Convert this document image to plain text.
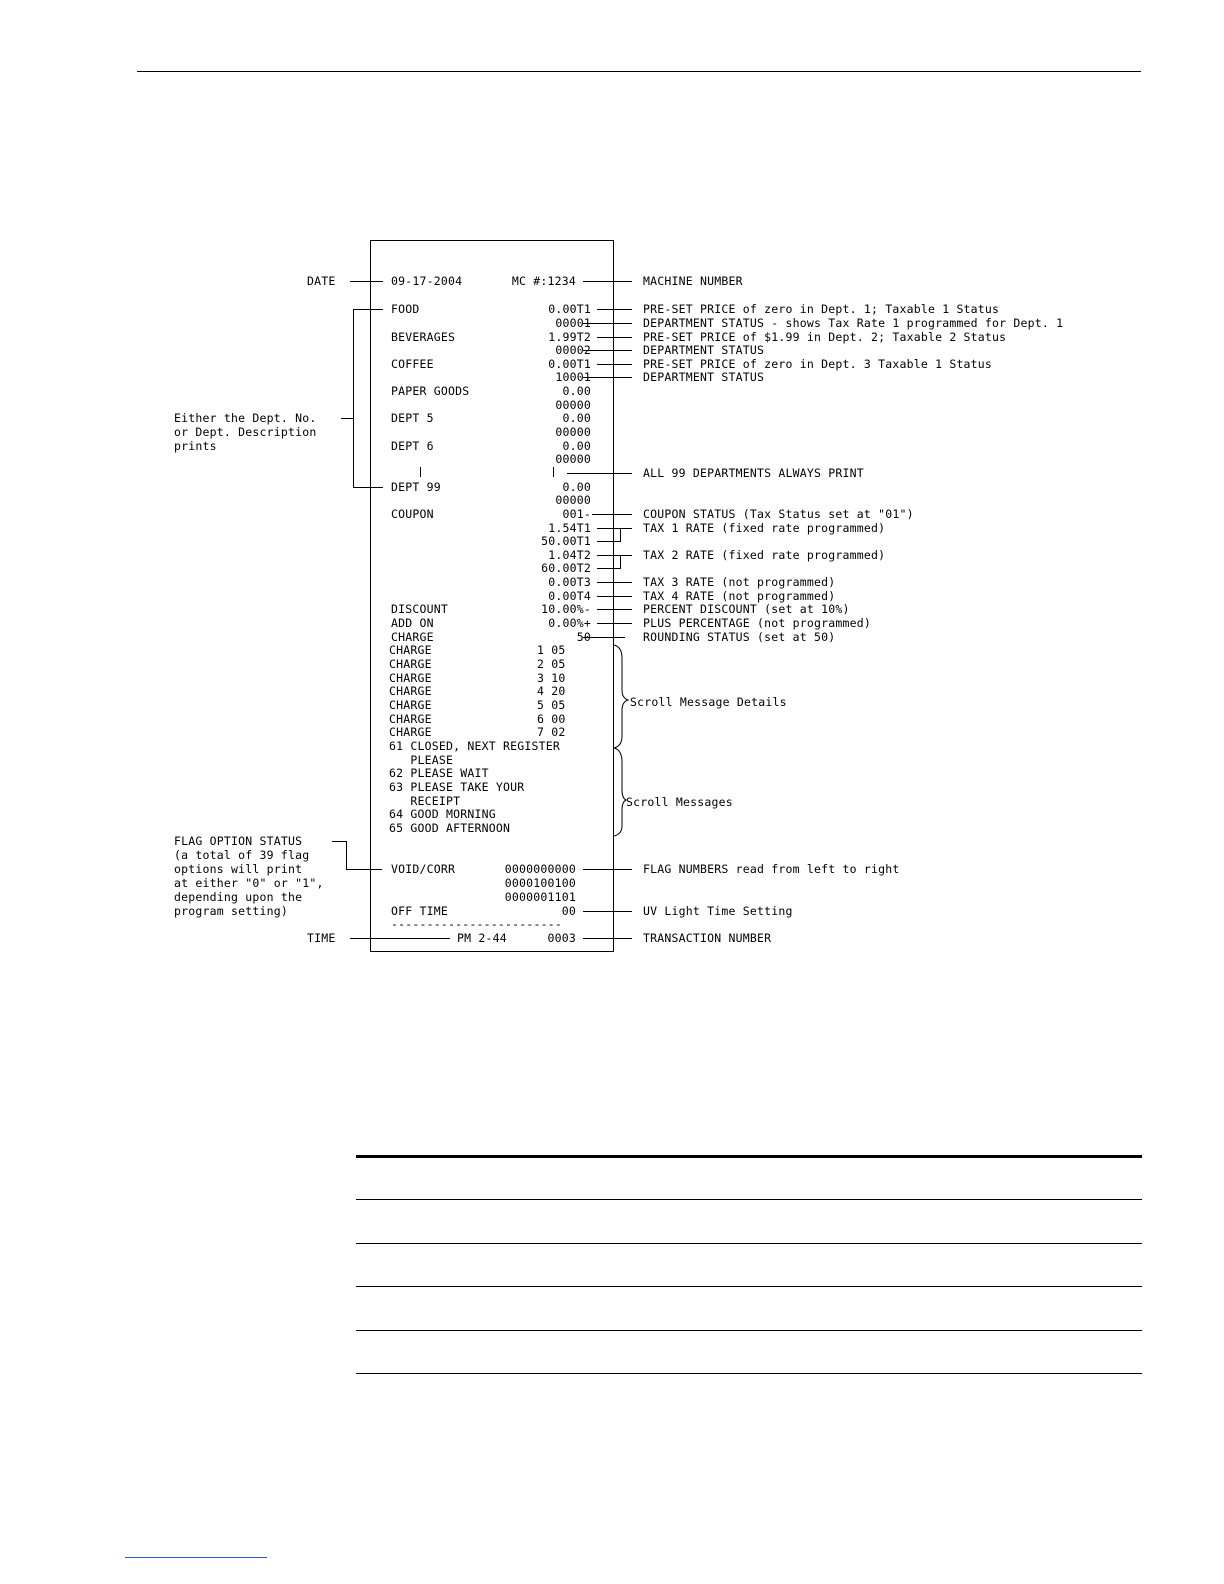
09-17-2004	MC #:1234
FOOD	0.00T1
00001
BEVERAGES	1.99T2
00002
COFFEE	0.00T1
10001
PAPER GOODS	0.00
00000
DEPT 5	0.00
00000
DEPT 6	0.00
00000
DEPT 99	0.00
00000
COUPON	001-
1.54T1
50.00T1
1.04T2
60.00T2
0.00T3
0.00T4
DISCOUNT	10.00%-
ADD ON	0.00%+
CHARGE	50
CHARGE	1 05
CHARGE	2 05
CHARGE	3 10
CHARGE	4 20
CHARGE	5 05
CHARGE	6 00
CHARGE	7 02
61 CLOSED, NEXT REGISTER
PLEASE
62 PLEASE WAIT
63 PLEASE TAKE YOUR
RECEIPT
64 GOOD MORNING
65 GOOD AFTERNOON
VOID/CORR	0000000000
0000100100
0000001101
OFF TIME	00
------------------------
PM 2-44	0003
DATE
Either the Dept. No.
or Dept. Description
prints
FLAG OPTION STATUS
(a total of 39 flag
options will print
at either "0" or "1",
depending upon the
program setting)
TIME
MACHINE NUMBER
PRE-SET PRICE of zero in Dept. 1; Taxable 1 Status
DEPARTMENT STATUS - shows Tax Rate 1 programmed for Dept. 1
PRE-SET PRICE of $1.99 in Dept. 2; Taxable 2 Status
DEPARTMENT STATUS
PRE-SET PRICE of zero in Dept. 3 Taxable 1 Status
DEPARTMENT STATUS
ALL 99 DEPARTMENTS ALWAYS PRINT
COUPON STATUS (Tax Status set at "01")
TAX 1 RATE (fixed rate programmed)
TAX 2 RATE (fixed rate programmed)
TAX 3 RATE (not programmed)
TAX 4 RATE (not programmed)
PERCENT DISCOUNT (set at 10%)
PLUS PERCENTAGE (not programmed)
ROUNDING STATUS (set at 50)
FLAG NUMBERS read from left to right
UV Light Time Setting
TRANSACTION NUMBER
Scroll Message Details
Scroll Messages
